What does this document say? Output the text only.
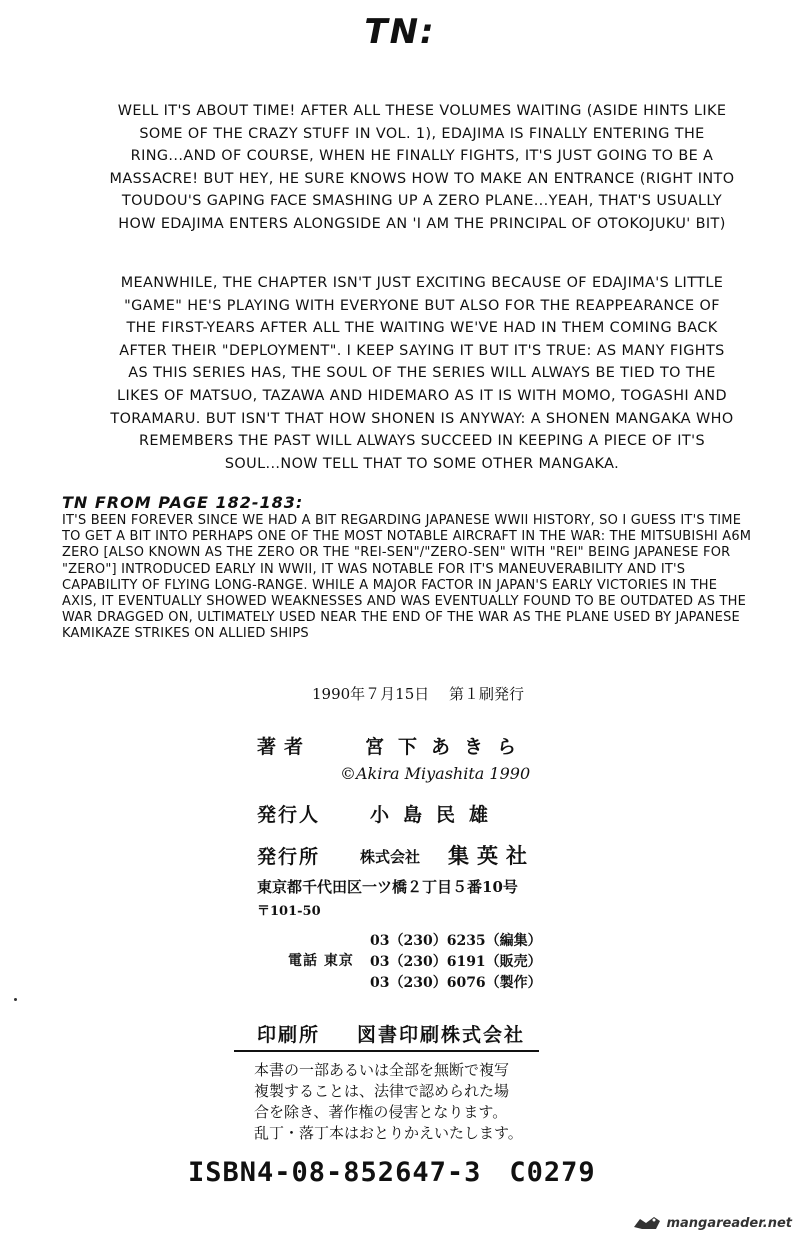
TN:

WELL IT'S ABOUT TIME! AFTER ALL THESE VOLUMES WAITING (ASIDE HINTS LIKE SOME OF THE CRAZY STUFF IN VOL. 1), EDAJIMA IS FINALLY ENTERING THE RING...AND OF COURSE, WHEN HE FINALLY FIGHTS, IT'S JUST GOING TO BE A MASSACRE! BUT HEY, HE SURE KNOWS HOW TO MAKE AN ENTRANCE (RIGHT INTO TOUDOU'S GAPING FACE SMASHING UP A ZERO PLANE...YEAH, THAT'S USUALLY HOW EDAJIMA ENTERS ALONGSIDE AN 'I AM THE PRINCIPAL OF OTOKOJUKU' BIT)

MEANWHILE, THE CHAPTER ISN'T JUST EXCITING BECAUSE OF EDAJIMA'S LITTLE "GAME" HE'S PLAYING WITH EVERYONE BUT ALSO FOR THE REAPPEARANCE OF THE FIRST-YEARS AFTER ALL THE WAITING WE'VE HAD IN THEM COMING BACK AFTER THEIR "DEPLOYMENT". I KEEP SAYING IT BUT IT'S TRUE: AS MANY FIGHTS AS THIS SERIES HAS, THE SOUL OF THE SERIES WILL ALWAYS BE TIED TO THE LIKES OF MATSUO, TAZAWA AND HIDEMARO AS IT IS WITH MOMO, TOGASHI AND TORAMARU. BUT ISN'T THAT HOW SHONEN IS ANYWAY: A SHONEN MANGAKA WHO REMEMBERS THE PAST WILL ALWAYS SUCCEED IN KEEPING A PIECE OF IT'S SOUL...NOW TELL THAT TO SOME OTHER MANGAKA.

TN FROM PAGE 182-183:

IT'S BEEN FOREVER SINCE WE HAD A BIT REGARDING JAPANESE WWII HISTORY, SO I GUESS IT'S TIME TO GET A BIT INTO PERHAPS ONE OF THE MOST NOTABLE AIRCRAFT IN THE WAR: THE MITSUBISHI A6M ZERO [ALSO KNOWN AS THE ZERO OR THE "REI-SEN"/"ZERO-SEN" WITH "REI" BEING JAPANESE FOR "ZERO"] INTRODUCED EARLY IN WWII, IT WAS NOTABLE FOR IT'S MANEUVERABILITY AND IT'S CAPABILITY OF FLYING LONG-RANGE. WHILE A MAJOR FACTOR IN JAPAN'S EARLY VICTORIES IN THE AXIS, IT EVENTUALLY SHOWED WEAKNESSES AND WAS EVENTUALLY FOUND TO BE OUTDATED AS THE WAR DRAGGED ON, ULTIMATELY USED NEAR THE END OF THE WAR AS THE PLANE USED BY JAPANESE KAMIKAZE STRIKES ON ALLIED SHIPS

1990年７月15日　 第１刷発行
著者	宮下あきら
©Akira Miyashita 1990
発行人	小島民雄
発行所	株式会社 集英社
東京都千代田区一ツ橋２丁目５番10号
〒101-50
電話 東京
03（230）6235（編集）
03（230）6191（販売）
03（230）6076（製作）
印刷所 図書印刷株式会社

本書の一部あるいは全部を無断で複写
複製することは、法律で認められた場
合を除き、著作権の侵害となります。
乱丁・落丁本はおとりかえいたします。

ISBN4-08-852647-3　C0279
mangareader.net
